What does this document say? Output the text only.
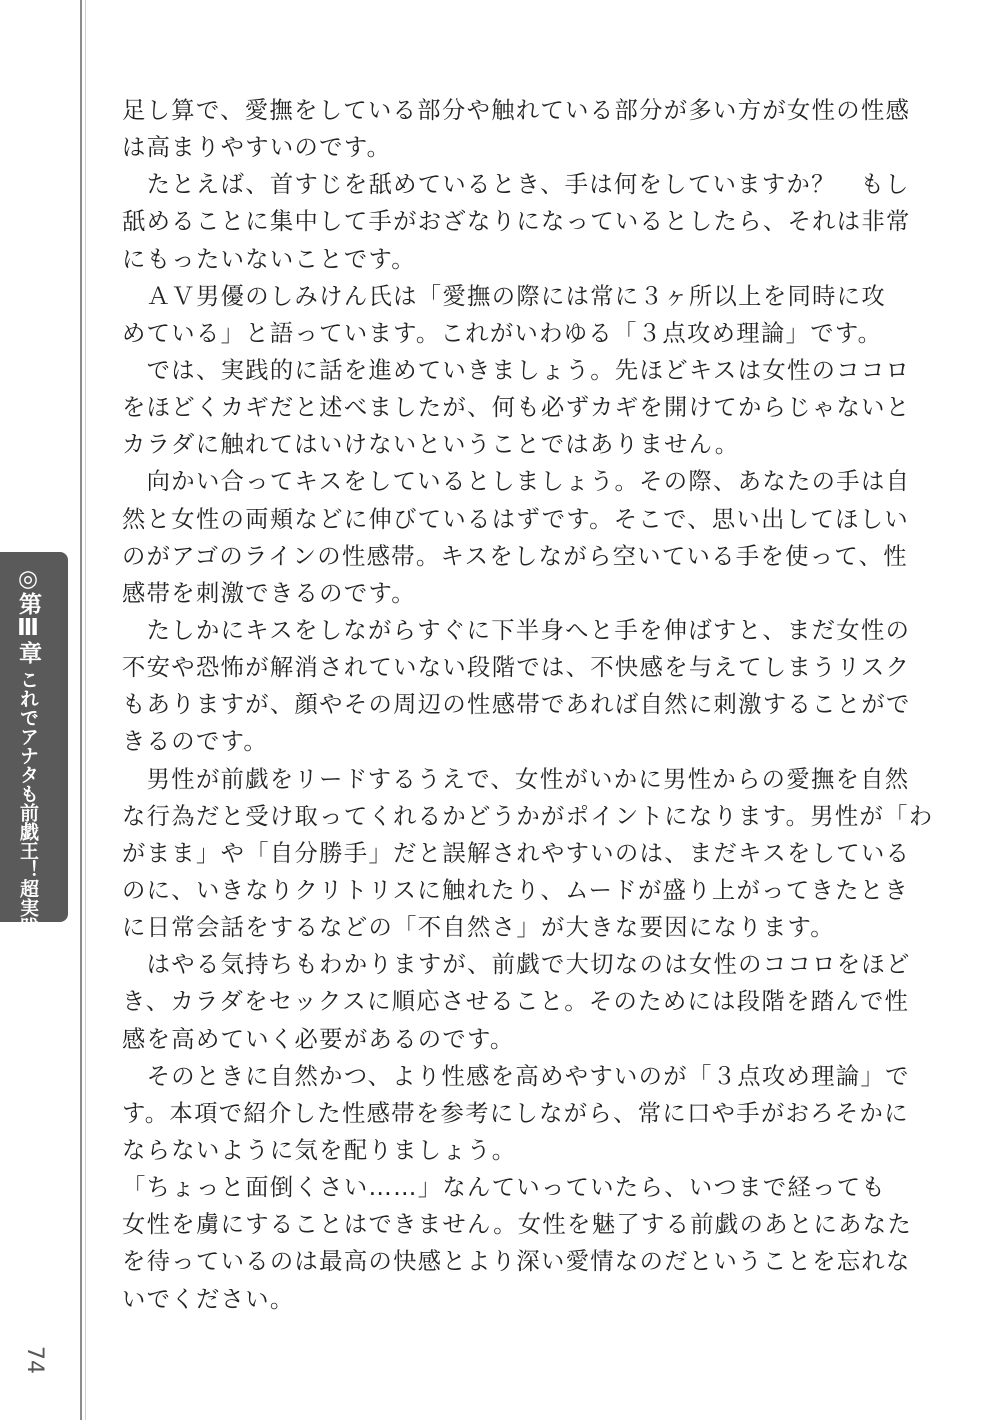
◎第Ⅲ章 これでアナタも前戯王！超実践テクニック
74
足し算で、愛撫をしている部分や触れている部分が多い方が女性の性感
は高まりやすいのです。
　たとえば、首すじを舐めているとき、手は何をしていますか？　もし
舐めることに集中して手がおざなりになっているとしたら、それは非常
にもったいないことです。
　ＡＶ男優のしみけん氏は「愛撫の際には常に３ヶ所以上を同時に攻
めている」と語っています。これがいわゆる「３点攻め理論」です。
　では、実践的に話を進めていきましょう。先ほどキスは女性のココロ
をほどくカギだと述べましたが、何も必ずカギを開けてからじゃないと
カラダに触れてはいけないということではありません。
　向かい合ってキスをしているとしましょう。その際、あなたの手は自
然と女性の両頬などに伸びているはずです。そこで、思い出してほしい
のがアゴのラインの性感帯。キスをしながら空いている手を使って、性
感帯を刺激できるのです。
　たしかにキスをしながらすぐに下半身へと手を伸ばすと、まだ女性の
不安や恐怖が解消されていない段階では、不快感を与えてしまうリスク
もありますが、顔やその周辺の性感帯であれば自然に刺激することがで
きるのです。
　男性が前戯をリードするうえで、女性がいかに男性からの愛撫を自然
な行為だと受け取ってくれるかどうかがポイントになります。男性が「わ
がまま」や「自分勝手」だと誤解されやすいのは、まだキスをしている
のに、いきなりクリトリスに触れたり、ムードが盛り上がってきたとき
に日常会話をするなどの「不自然さ」が大きな要因になります。
　はやる気持ちもわかりますが、前戯で大切なのは女性のココロをほど
き、カラダをセックスに順応させること。そのためには段階を踏んで性
感を高めていく必要があるのです。
　そのときに自然かつ、より性感を高めやすいのが「３点攻め理論」で
す。本項で紹介した性感帯を参考にしながら、常に口や手がおろそかに
ならないように気を配りましょう。
「ちょっと面倒くさい……」なんていっていたら、いつまで経っても
女性を虜にすることはできません。女性を魅了する前戯のあとにあなた
を待っているのは最高の快感とより深い愛情なのだということを忘れな
いでください。
